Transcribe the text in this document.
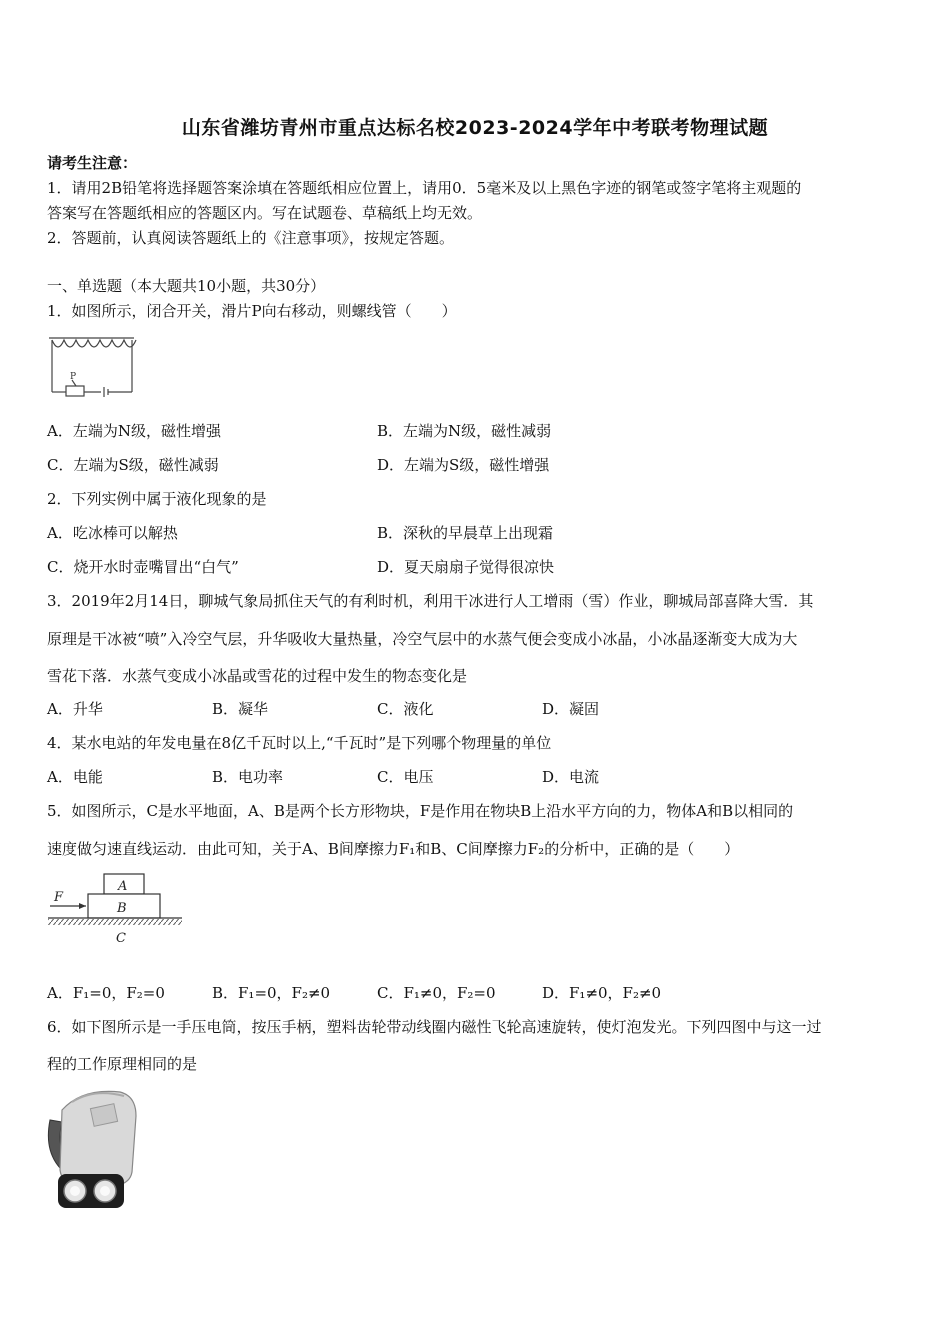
山东省潍坊青州市重点达标名校2023-2024学年中考联考物理试题
请考生注意：
1．请用2B铅笔将选择题答案涂填在答题纸相应位置上，请用0．5毫米及以上黑色字迹的钢笔或签字笔将主观题的
答案写在答题纸相应的答题区内。写在试题卷、草稿纸上均无效。
2．答题前，认真阅读答题纸上的《注意事项》，按规定答题。
一、单选题（本大题共10小题，共30分）
1．如图所示，闭合开关，滑片P向右移动，则螺线管（　　）
P
A．左端为N级，磁性增强	B．左端为N级，磁性减弱
C．左端为S级，磁性减弱	D．左端为S级，磁性增强
2．下列实例中属于液化现象的是
A．吃冰棒可以解热	B．深秋的早晨草上出现霜
C．烧开水时壶嘴冒出“白气”	D．夏天扇扇子觉得很凉快
3．2019年2月14日，聊城气象局抓住天气的有利时机，利用干冰进行人工增雨（雪）作业，聊城局部喜降大雪．其
原理是干冰被“喷”入冷空气层，升华吸收大量热量，冷空气层中的水蒸气便会变成小冰晶，小冰晶逐渐变大成为大
雪花下落．水蒸气变成小冰晶或雪花的过程中发生的物态变化是
A．升华	B．凝华	C．液化	D．凝固
4．某水电站的年发电量在8亿千瓦时以上,“千瓦时”是下列哪个物理量的单位
A．电能	B．电功率	C．电压	D．电流
5．如图所示，C是水平地面，A、B是两个长方形物块，F是作用在物块B上沿水平方向的力，物体A和B以相同的
速度做匀速直线运动．由此可知，关于A、B间摩擦力F₁和B、C间摩擦力F₂的分析中，正确的是（　　）
A
B
F
C
A．F₁=0，F₂=0	B．F₁=0，F₂≠0	C．F₁≠0，F₂=0	D．F₁≠0，F₂≠0
6．如下图所示是一手压电筒，按压手柄，塑料齿轮带动线圈内磁性飞轮高速旋转，使灯泡发光。下列四图中与这一过
程的工作原理相同的是
